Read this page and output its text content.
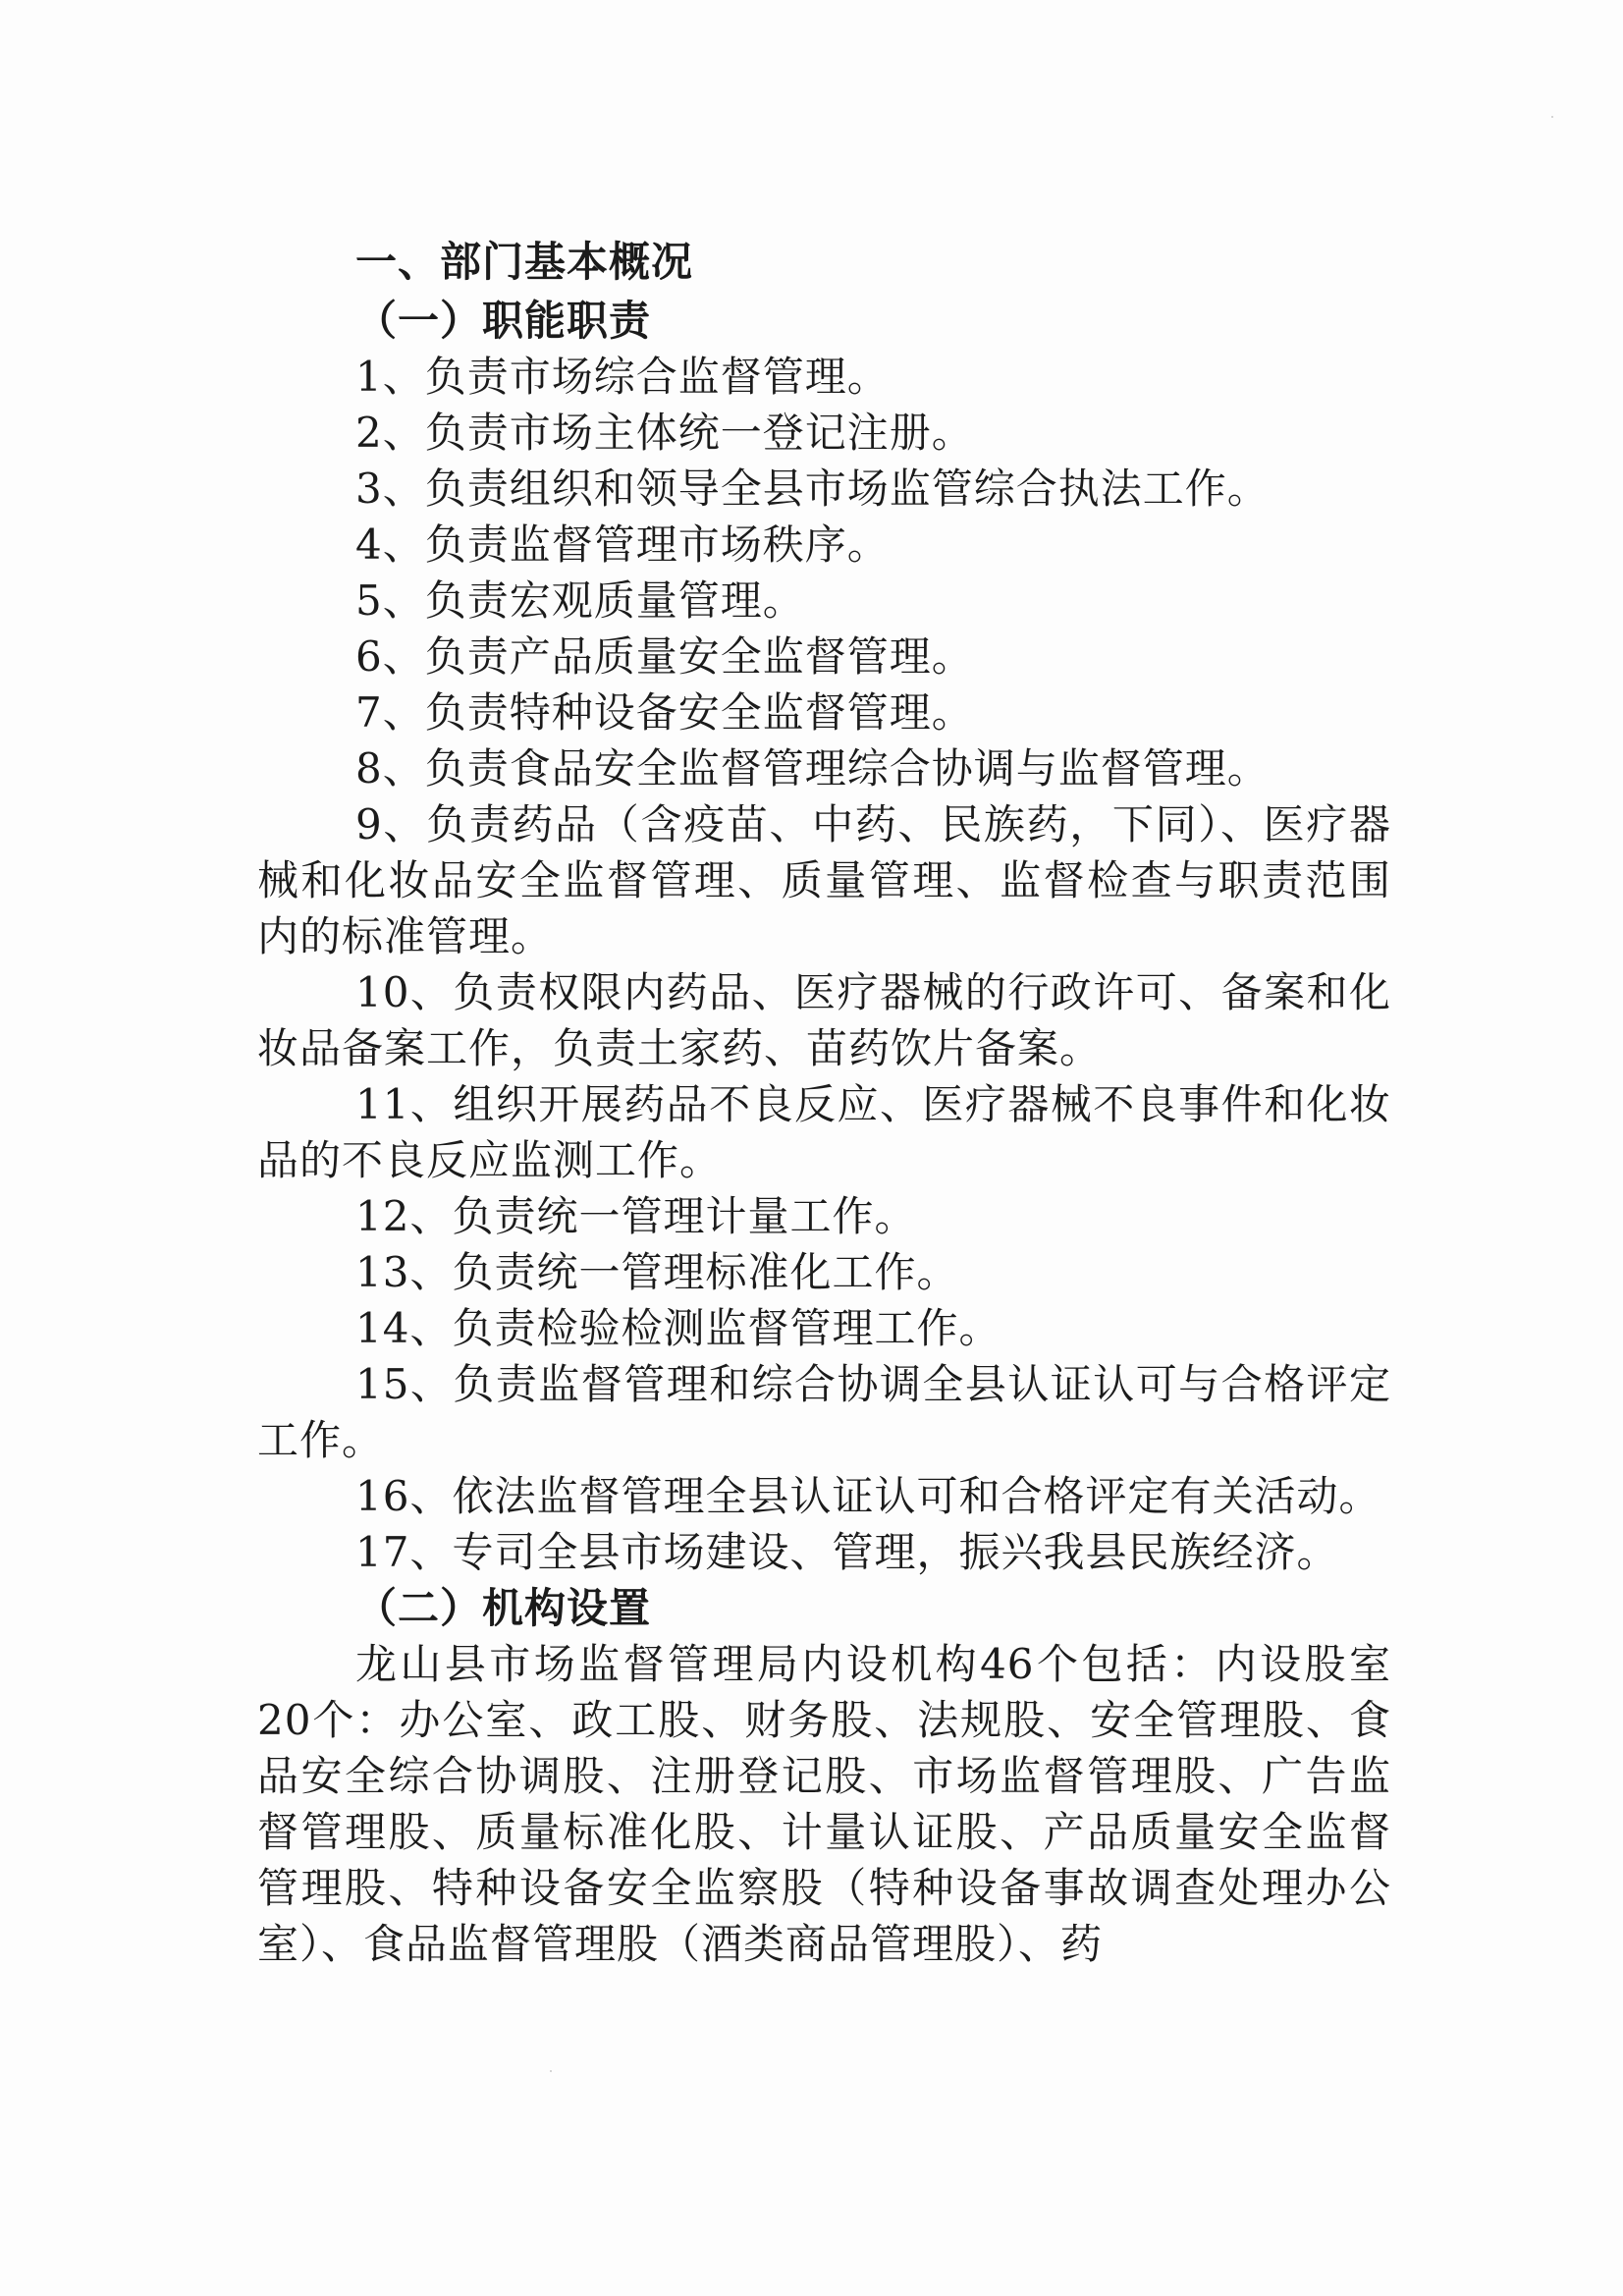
一、部门基本概况

（一）职能职责

1、负责市场综合监督管理。

2、负责市场主体统一登记注册。

3、负责组织和领导全县市场监管综合执法工作。

4、负责监督管理市场秩序。

5、负责宏观质量管理。

6、负责产品质量安全监督管理。

7、负责特种设备安全监督管理。

8、负责食品安全监督管理综合协调与监督管理。

9、负责药品（含疫苗、中药、民族药，下同）、医疗器械和化妆品安全监督管理、质量管理、监督检查与职责范围内的标准管理。

10、负责权限内药品、医疗器械的行政许可、备案和化妆品备案工作，负责土家药、苗药饮片备案。

11、组织开展药品不良反应、医疗器械不良事件和化妆品的不良反应监测工作。

12、负责统一管理计量工作。

13、负责统一管理标准化工作。

14、负责检验检测监督管理工作。

15、负责监督管理和综合协调全县认证认可与合格评定工作。

16、依法监督管理全县认证认可和合格评定有关活动。

17、专司全县市场建设、管理，振兴我县民族经济。

（二）机构设置

龙山县市场监督管理局内设机构46个包括：内设股室20个：办公室、政工股、财务股、法规股、安全管理股、食品安全综合协调股、注册登记股、市场监督管理股、广告监督管理股、质量标准化股、计量认证股、产品质量安全监督管理股、特种设备安全监察股（特种设备事故调查处理办公室）、食品监督管理股（酒类商品管理股）、药
